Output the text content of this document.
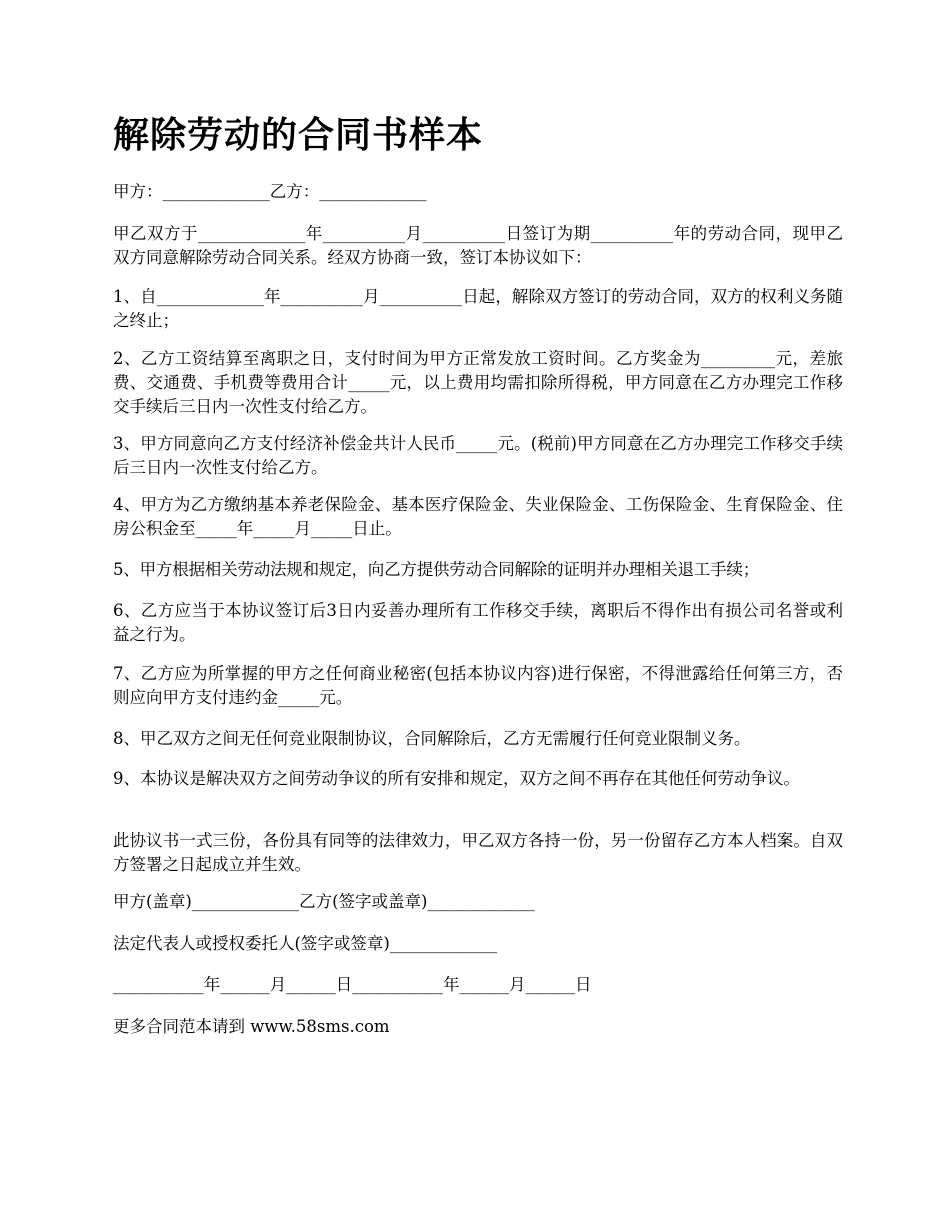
解除劳动的合同书样本
甲方：_____________乙方：_____________
甲乙双方于_____________年__________月__________日签订为期__________年的劳动合同，现甲乙双方同意解除劳动合同关系。经双方协商一致，签订本协议如下：
1、自_____________年__________月__________日起，解除双方签订的劳动合同，双方的权利义务随之终止；
2、乙方工资结算至离职之日，支付时间为甲方正常发放工资时间。乙方奖金为_________元，差旅费、交通费、手机费等费用合计_____元，以上费用均需扣除所得税，甲方同意在乙方办理完工作移交手续后三日内一次性支付给乙方。
3、甲方同意向乙方支付经济补偿金共计人民币_____元。(税前)甲方同意在乙方办理完工作移交手续后三日内一次性支付给乙方。
4、甲方为乙方缴纳基本养老保险金、基本医疗保险金、失业保险金、工伤保险金、生育保险金、住房公积金至_____年_____月_____日止。
5、甲方根据相关劳动法规和规定，向乙方提供劳动合同解除的证明并办理相关退工手续；
6、乙方应当于本协议签订后3日内妥善办理所有工作移交手续，离职后不得作出有损公司名誉或利益之行为。
7、乙方应为所掌握的甲方之任何商业秘密(包括本协议内容)进行保密，不得泄露给任何第三方，否则应向甲方支付违约金_____元。
8、甲乙双方之间无任何竞业限制协议，合同解除后，乙方无需履行任何竞业限制义务。
9、本协议是解决双方之间劳动争议的所有安排和规定，双方之间不再存在其他任何劳动争议。
此协议书一式三份，各份具有同等的法律效力，甲乙双方各持一份，另一份留存乙方本人档案。自双方签署之日起成立并生效。
甲方(盖章)_____________乙方(签字或盖章)_____________
法定代表人或授权委托人(签字或签章)_____________
___________年______月______日___________年______月______日
更多合同范本请到 www.58sms.com
